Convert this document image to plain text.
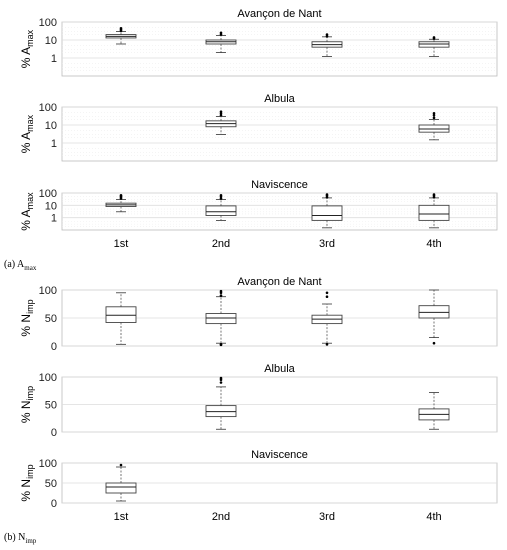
1
10
100
Avançon de Nant
% $A_{max}$
1
10
100
Albula
% $A_{max}$
1
10
100
Naviscence
% $A_{max}$
1st	2nd	3rd	4th
0
50
100
Avançon de Nant
% $N_{imp}$
0
50
100
Albula
% $N_{imp}$
0
50
100
Naviscence
% $N_{imp}$
1st	2nd	3rd	4th
(a) $A_{max}$
(b) $N_{imp}$
